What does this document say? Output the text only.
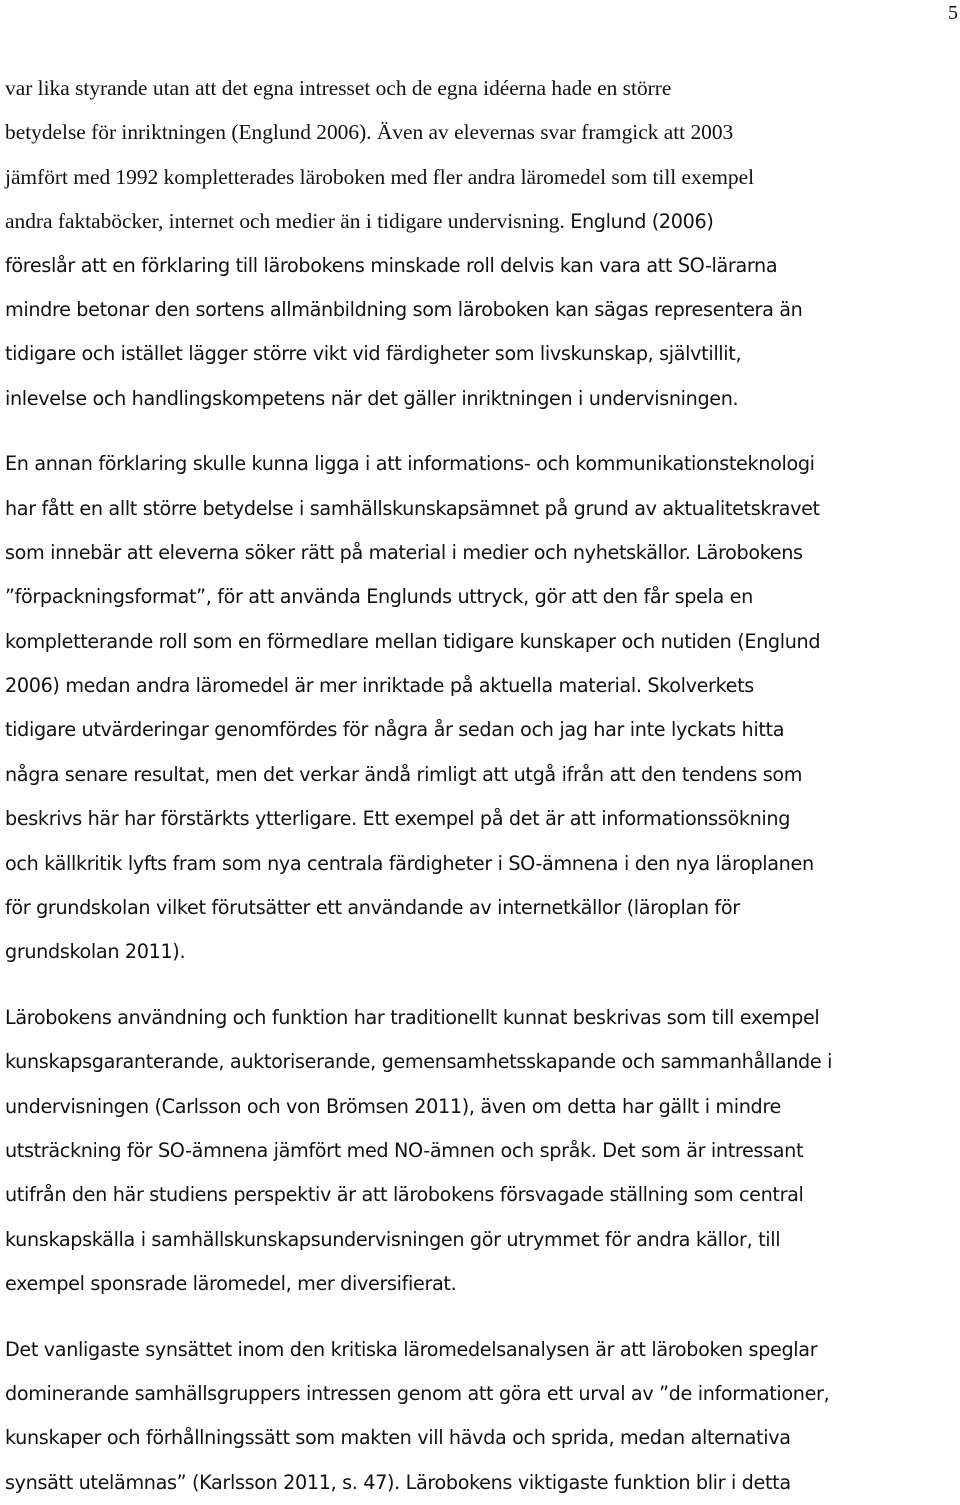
5
var lika styrande utan att det egna intresset och de egna idéerna hade en större
betydelse för inriktningen (Englund 2006). Även av elevernas svar framgick att 2003
jämfört med 1992 kompletterades läroboken med fler andra läromedel som till exempel
andra faktaböcker, internet och medier än i tidigare undervisning. Englund (2006)
föreslår att en förklaring till lärobokens minskade roll delvis kan vara att SO-lärarna
mindre betonar den sortens allmänbildning som läroboken kan sägas representera än
tidigare och istället lägger större vikt vid färdigheter som livskunskap, självtillit,
inlevelse och handlingskompetens när det gäller inriktningen i undervisningen.
En annan förklaring skulle kunna ligga i att informations- och kommunikationsteknologi
har fått en allt större betydelse i samhällskunskapsämnet på grund av aktualitetskravet
som innebär att eleverna söker rätt på material i medier och nyhetskällor. Lärobokens
”förpackningsformat”, för att använda Englunds uttryck, gör att den får spela en
kompletterande roll som en förmedlare mellan tidigare kunskaper och nutiden (Englund
2006) medan andra läromedel är mer inriktade på aktuella material. Skolverkets
tidigare utvärderingar genomfördes för några år sedan och jag har inte lyckats hitta
några senare resultat, men det verkar ändå rimligt att utgå ifrån att den tendens som
beskrivs här har förstärkts ytterligare. Ett exempel på det är att informationssökning
och källkritik lyfts fram som nya centrala färdigheter i SO-ämnena i den nya läroplanen
för grundskolan vilket förutsätter ett användande av internetkällor (läroplan för
grundskolan 2011).
Lärobokens användning och funktion har traditionellt kunnat beskrivas som till exempel
kunskapsgaranterande, auktoriserande, gemensamhetsskapande och sammanhållande i
undervisningen (Carlsson och von Brömsen 2011), även om detta har gällt i mindre
utsträckning för SO-ämnena jämfört med NO-ämnen och språk. Det som är intressant
utifrån den här studiens perspektiv är att lärobokens försvagade ställning som central
kunskapskälla i samhällskunskapsundervisningen gör utrymmet för andra källor, till
exempel sponsrade läromedel, mer diversifierat.
Det vanligaste synsättet inom den kritiska läromedelsanalysen är att läroboken speglar
dominerande samhällsgruppers intressen genom att göra ett urval av ”de informationer,
kunskaper och förhållningssätt som makten vill hävda och sprida, medan alternativa
synsätt utelämnas” (Karlsson 2011, s. 47). Lärobokens viktigaste funktion blir i detta
